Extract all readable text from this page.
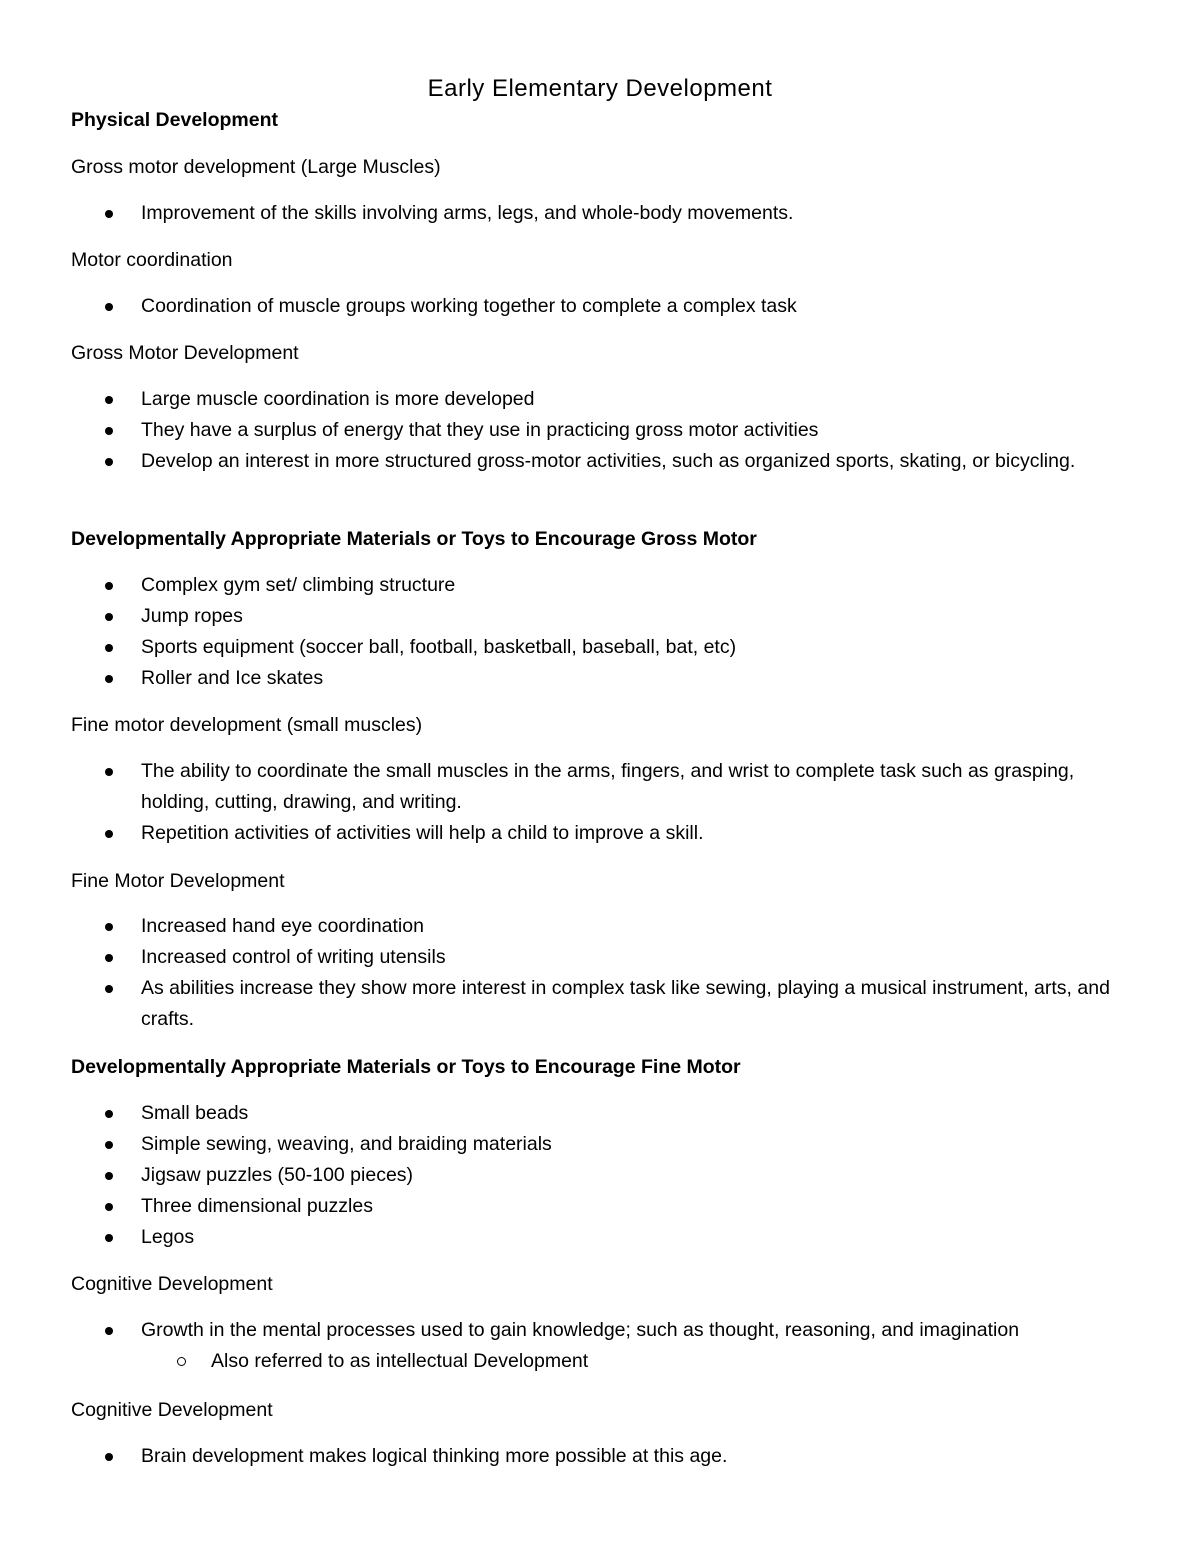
Early Elementary Development
Physical Development
Gross motor development (Large Muscles)
Improvement of the skills involving arms, legs, and whole-body movements.
Motor coordination
Coordination of muscle groups working together to complete a complex task
Gross Motor Development
Large muscle coordination is more developed
They have a surplus of energy that they use in practicing gross motor activities
Develop an interest in more structured gross-motor activities, such as organized sports, skating, or bicycling.
Developmentally Appropriate Materials or Toys to Encourage Gross Motor
Complex gym set/ climbing structure
Jump ropes
Sports equipment (soccer ball, football, basketball, baseball, bat, etc)
Roller and Ice skates
Fine motor development (small muscles)
The ability to coordinate the small muscles in the arms, fingers, and wrist to complete task such as grasping, holding, cutting, drawing, and writing.
Repetition activities of activities will help a child to improve a skill.
Fine Motor Development
Increased hand eye coordination
Increased control of writing utensils
As abilities increase they show more interest in complex task like sewing, playing a musical instrument, arts, and crafts.
Developmentally Appropriate Materials or Toys to Encourage Fine Motor
Small beads
Simple sewing, weaving, and braiding materials
Jigsaw puzzles (50-100 pieces)
Three dimensional puzzles
Legos
Cognitive Development
Growth in the mental processes used to gain knowledge; such as thought, reasoning, and imagination
Also referred to as intellectual Development
Cognitive Development
Brain development makes logical thinking more possible at this age.
